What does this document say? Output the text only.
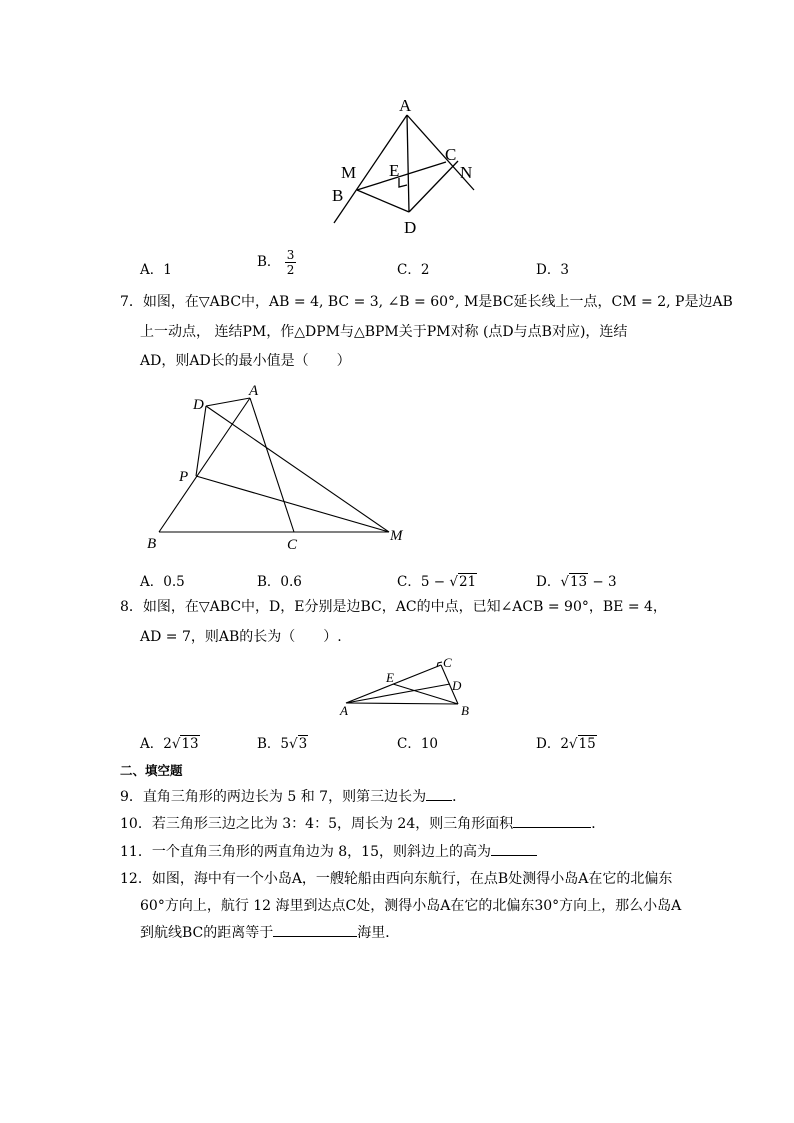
A
M E
C
N
B
D
A．1	B． $\frac{3}{2}$	C．2	D．3
7．如图，在▽ABC中，AB = 4, BC = 3, ∠B = 60°, M是BC延长线上一点，CM = 2, P是边AB
上一动点， 连结PM，作△DPM与△BPM关于PM对称 (点D与点B对应)，连结
AD，则AD长的最小值是（　　）
D
A
P
B	C
M
A．0.5	B．0.6	C．5 − √21	D．√13 − 3
8．如图，在▽ABC中，D，E分别是边BC，AC的中点，已知∠ACB = 90°，BE = 4，
AD = 7，则AB的长为（　　）.
C
E
D
A	B
A．2√13	B．5√3	C．10	D．2√15
二、填空题
9．直角三角形的两边长为 5 和 7，则第三边长为 ．
10．若三角形三边之比为 3：4：5，周长为 24，则三角形面积	．
11．一个直角三角形的两直角边为 8，15，则斜边上的高为
12．如图，海中有一个小岛A，一艘轮船由西向东航行，在点B处测得小岛A在它的北偏东
60°方向上，航行 12 海里到达点C处，测得小岛A在它的北偏东30°方向上，那么小岛A
到航线BC的距离等于	海里．
